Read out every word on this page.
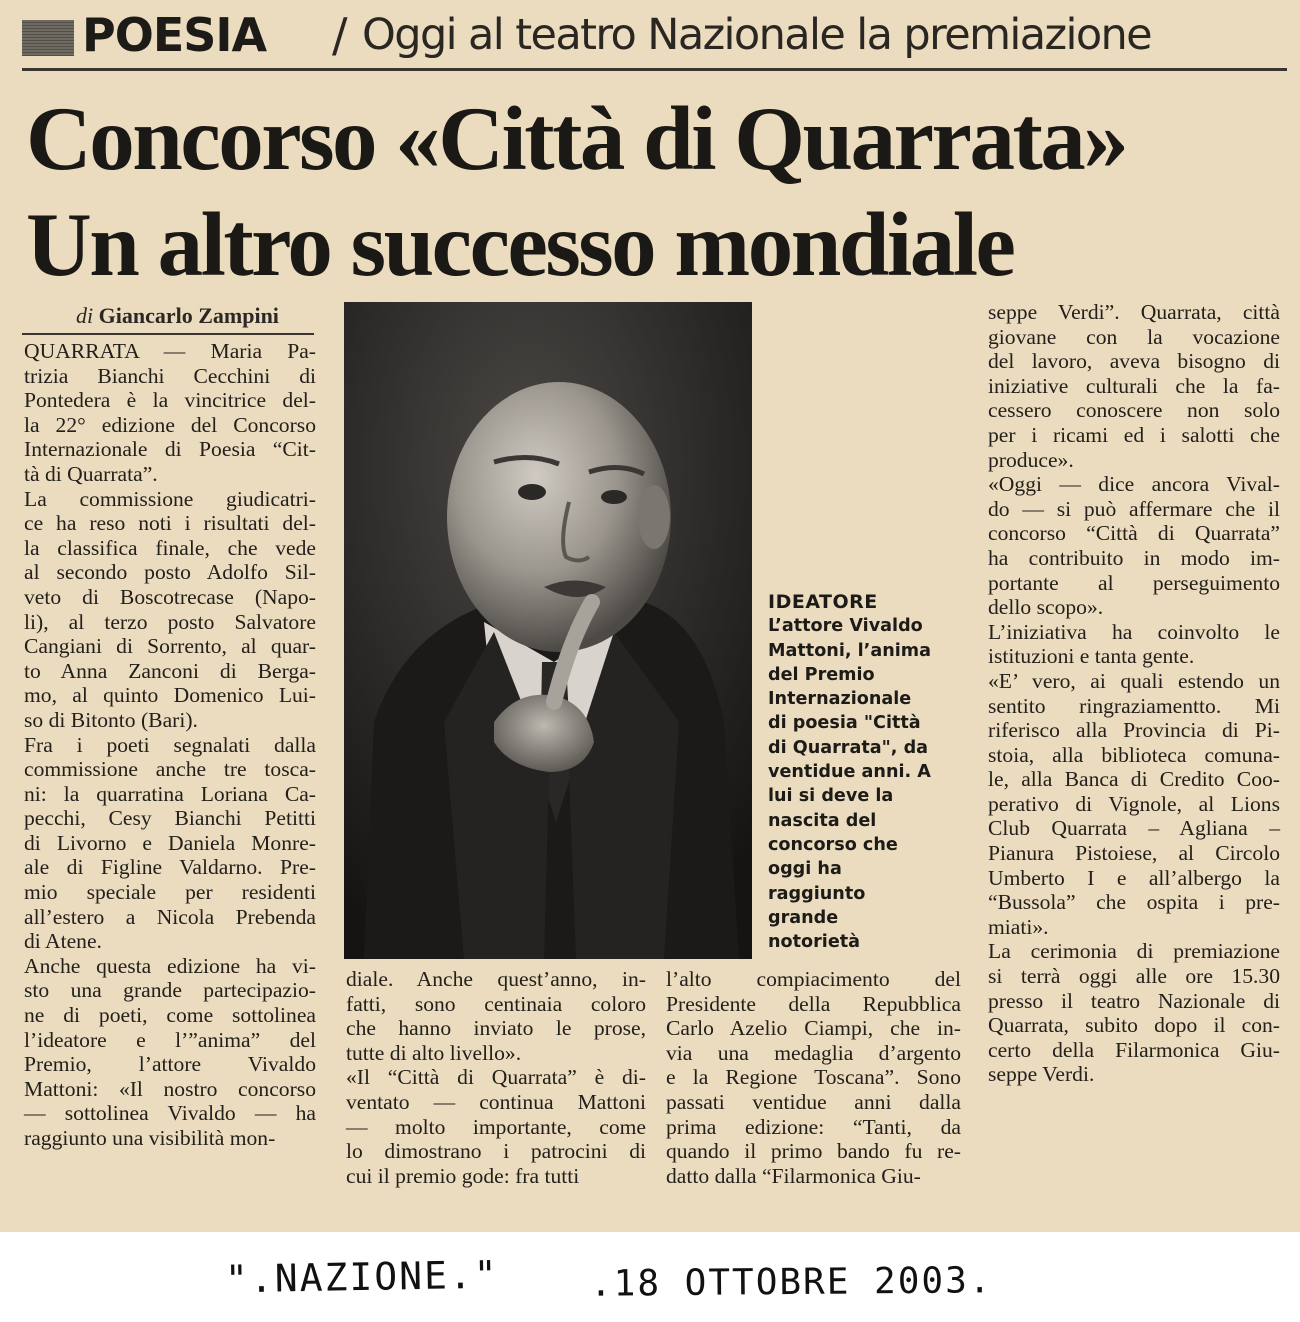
POESIA / Oggi al teatro Nazionale la premiazione
Concorso «Città di Quarrata»
Un altro successo mondiale
di Giancarlo Zampini

QUARRATA — Maria Pa-

trizia Bianchi Cecchini di

Pontedera è la vincitrice del-

la 22° edizione del Concorso

Internazionale di Poesia “Cit-

tà di Quarrata”.

La commissione giudicatri-

ce ha reso noti i risultati del-

la classifica finale, che vede

al secondo posto Adolfo Sil-

veto di Boscotrecase (Napo-

li), al terzo posto Salvatore

Cangiani di Sorrento, al quar-

to Anna Zanconi di Berga-

mo, al quinto Domenico Lui-

so di Bitonto (Bari).

Fra i poeti segnalati dalla

commissione anche tre tosca-

ni: la quarratina Loriana Ca-

pecchi, Cesy Bianchi Petitti

di Livorno e Daniela Monre-

ale di Figline Valdarno. Pre-

mio speciale per residenti

all’estero a Nicola Prebenda

di Atene.

Anche questa edizione ha vi-

sto una grande partecipazio-

ne di poeti, come sottolinea

l’ideatore e l’”anima” del

Premio, l’attore Vivaldo

Mattoni: «Il nostro concorso

— sottolinea Vivaldo — ha

raggiunto una visibilità mon-

IDEATORE

L’attore Vivaldo

Mattoni, l’anima

del Premio

Internazionale

di poesia "Città

di Quarrata", da

ventidue anni. A

lui si deve la

nascita del

concorso che

oggi ha

raggiunto

grande

notorietà

diale. Anche quest’anno, in-

fatti, sono centinaia coloro

che hanno inviato le prose,

tutte di alto livello».

«Il “Città di Quarrata” è di-

ventato — continua Mattoni

— molto importante, come

lo dimostrano i patrocini di

cui il premio gode: fra tutti

l’alto compiacimento del

Presidente della Repubblica

Carlo Azelio Ciampi, che in-

via una medaglia d’argento

e la Regione Toscana”. Sono

passati ventidue anni dalla

prima edizione: “Tanti, da

quando il primo bando fu re-

datto dalla “Filarmonica Giu-

seppe Verdi”. Quarrata, città

giovane con la vocazione

del lavoro, aveva bisogno di

iniziative culturali che la fa-

cessero conoscere non solo

per i ricami ed i salotti che

produce».

«Oggi — dice ancora Vival-

do — si può affermare che il

concorso “Città di Quarrata”

ha contribuito in modo im-

portante al perseguimento

dello scopo».

L’iniziativa ha coinvolto le

istituzioni e tanta gente.

«E’ vero, ai quali estendo un

sentito ringraziamentto. Mi

riferisco alla Provincia di Pi-

stoia, alla biblioteca comuna-

le, alla Banca di Credito Coo-

perativo di Vignole, al Lions

Club Quarrata – Agliana –

Pianura Pistoiese, al Circolo

Umberto I e all’albergo la

“Bussola” che ospita i pre-

miati».

La cerimonia di premiazione

si terrà oggi alle ore 15.30

presso il teatro Nazionale di

Quarrata, subito dopo il con-

certo della Filarmonica Giu-

seppe Verdi.

".NAZIONE."	.18 OTTOBRE 2003.
